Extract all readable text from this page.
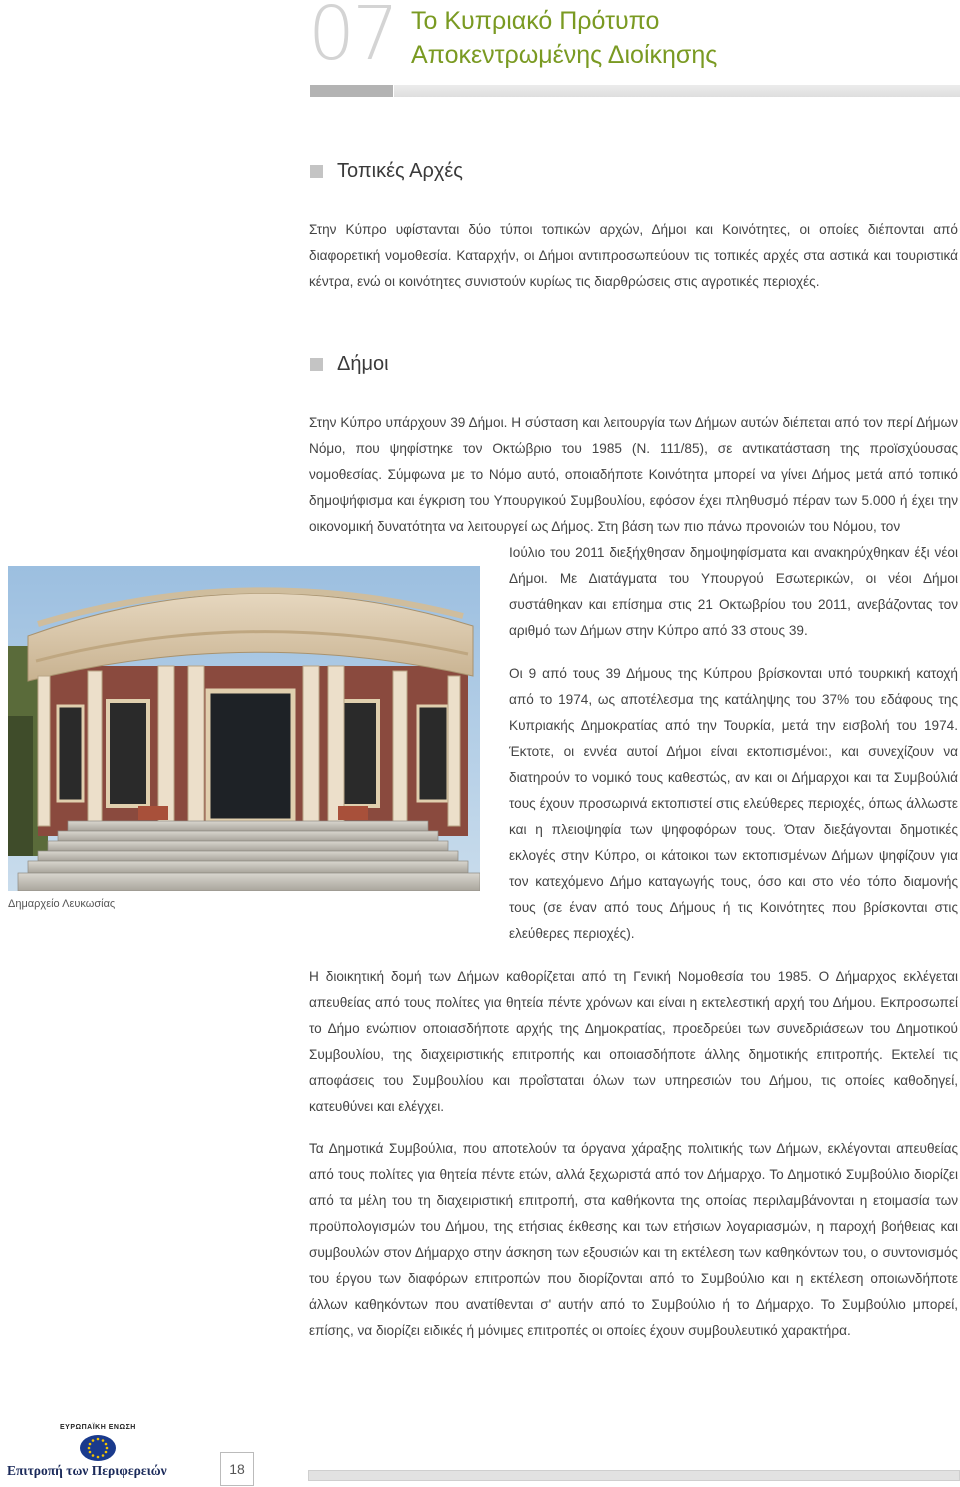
07 Το Κυπριακό Πρότυπο
Αποκεντρωμένης Διοίκησης
Τοπικές Αρχές

Στην Κύπρο υφίστανται δύο τύποι τοπικών αρχών, Δήμοι και Κοινότητες, οι οποίες διέπονται από διαφορετική νομοθεσία. Καταρχήν, οι Δήμοι αντιπροσωπεύουν τις τοπικές αρχές στα αστικά και τουριστικά κέντρα, ενώ οι κοινότητες συνιστούν κυρίως τις διαρθρώσεις στις αγροτικές περιοχές.

Δήμοι

Στην Κύπρο υπάρχουν 39 Δήμοι. Η σύσταση και λειτουργία των Δήμων αυτών διέπεται από τον περί Δήμων Νόμο, που ψηφίστηκε τον Οκτώβριο του 1985 (Ν. 111/85), σε αντικατάσταση της προϊσχύουσας νομοθεσίας. Σύμφωνα με το Νόμο αυτό, οποιαδήποτε Κοινότητα μπορεί να γίνει Δήμος μετά από τοπικό δημοψήφισμα και έγκριση του Υπουργικού Συμβουλίου, εφόσον έχει πληθυσμό πέραν των 5.000 ή έχει την οικονομική δυνατότητα να λειτουργεί ως Δήμος. Στη βάση των πιο πάνω προνοιών του Νόμου, τον

Ιούλιο του 2011 διεξήχθησαν δημοψηφίσματα και ανακηρύχθηκαν έξι νέοι Δήμοι. Με Διατάγματα του Υπουργού Εσωτερικών, οι νέοι Δήμοι συστάθηκαν και επίσημα στις 21 Οκτωβρίου του 2011, ανεβάζοντας τον αριθμό των Δήμων στην Κύπρο από 33 στους 39.

Οι 9 από τους 39 Δήμους της Κύπρου βρίσκονται υπό τουρκική κατοχή από το 1974, ως αποτέλεσμα της κατάληψης του 37% του εδάφους της Κυπριακής Δημοκρατίας από την Τουρκία, μετά την εισβολή του 1974. Έκτοτε, οι εννέα αυτοί Δήμοι είναι εκτοπισμένοι:, και συνεχίζουν να διατηρούν το νομικό τους καθεστώς, αν και οι Δήμαρχοι και τα Συμβούλιά τους έχουν προσωρινά εκτοπιστεί στις ελεύθερες περιοχές, όπως άλλωστε και η πλειοψηφία των ψηφοφόρων τους. Όταν διεξάγονται δημοτικές εκλογές στην Κύπρο, οι κάτοικοι των εκτοπισμένων Δήμων ψηφίζουν για τον κατεχόμενο Δήμο καταγωγής τους, όσο και στο νέο τόπο διαμονής τους (σε έναν από τους Δήμους ή τις Κοινότητες που βρίσκονται στις ελεύθερες περιοχές).

Η διοικητική δομή των Δήμων καθορίζεται από τη Γενική Νομοθεσία του 1985. Ο Δήμαρχος εκλέγεται απευθείας από τους πολίτες για θητεία πέντε χρόνων και είναι η εκτελεστική αρχή του Δήμου. Εκπροσωπεί το Δήμο ενώπιον οποιασδήποτε αρχής της Δημοκρατίας, προεδρεύει των συνεδριάσεων του Δημοτικού Συμβουλίου, της διαχειριστικής επιτροπής και οποιασδήποτε άλλης δημοτικής επιτροπής. Εκτελεί τις αποφάσεις του Συμβουλίου και προΐσταται όλων των υπηρεσιών του Δήμου, τις οποίες καθοδηγεί, κατευθύνει και ελέγχει.

Τα Δημοτικά Συμβούλια, που αποτελούν τα όργανα χάραξης πολιτικής των Δήμων, εκλέγονται απευθείας από τους πολίτες για θητεία πέντε ετών, αλλά ξεχωριστά από τον Δήμαρχο. Το Δημοτικό Συμβούλιο διορίζει από τα μέλη του τη διαχειριστική επιτροπή, στα καθήκοντα της οποίας περιλαμβάνονται η ετοιμασία των προϋπολογισμών του Δήμου, της ετήσιας έκθεσης και των ετήσιων λογαριασμών, η παροχή βοήθειας και συμβουλών στον Δήμαρχο στην άσκηση των εξουσιών και τη εκτέλεση των καθηκόντων του, ο συντονισμός του έργου των διαφόρων επιτροπών που διορίζονται από το Συμβούλιο και η εκτέλεση οποιωνδήποτε άλλων καθηκόντων που ανατίθενται σ' αυτήν από το Συμβούλιο ή το Δήμαρχο. Το Συμβούλιο μπορεί, επίσης, να διορίζει ειδικές ή μόνιμες επιτροπές οι οποίες έχουν συμβουλευτικό χαρακτήρα.

Δημαρχείο Λευκωσίας
ΕΥΡΩΠΑΪΚΗ ΕΝΩΣΗ
Επιτροπή των Περιφερειών	18
